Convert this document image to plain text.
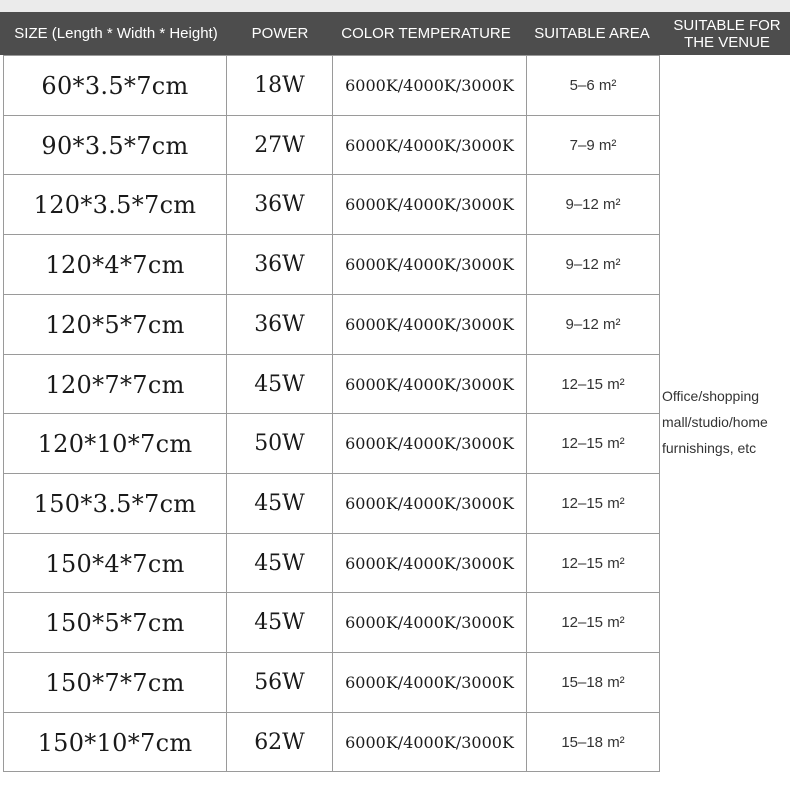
SIZE (Length * Width * Height)	POWER	COLOR TEMPERATURE	SUITABLE AREA	SUITABLE FOR THE VENUE
60*3.5*7cm	18W	6000K/4000K/3000K	5–6 m²
90*3.5*7cm	27W	6000K/4000K/3000K	7–9 m²
120*3.5*7cm	36W	6000K/4000K/3000K	9–12 m²
120*4*7cm	36W	6000K/4000K/3000K	9–12 m²
120*5*7cm	36W	6000K/4000K/3000K	9–12 m²
120*7*7cm	45W	6000K/4000K/3000K	12–15 m²
120*10*7cm	50W	6000K/4000K/3000K	12–15 m²
150*3.5*7cm	45W	6000K/4000K/3000K	12–15 m²
150*4*7cm	45W	6000K/4000K/3000K	12–15 m²
150*5*7cm	45W	6000K/4000K/3000K	12–15 m²
150*7*7cm	56W	6000K/4000K/3000K	15–18 m²
150*10*7cm	62W	6000K/4000K/3000K	15–18 m²
Office/shopping mall/studio/home furnishings, etc
